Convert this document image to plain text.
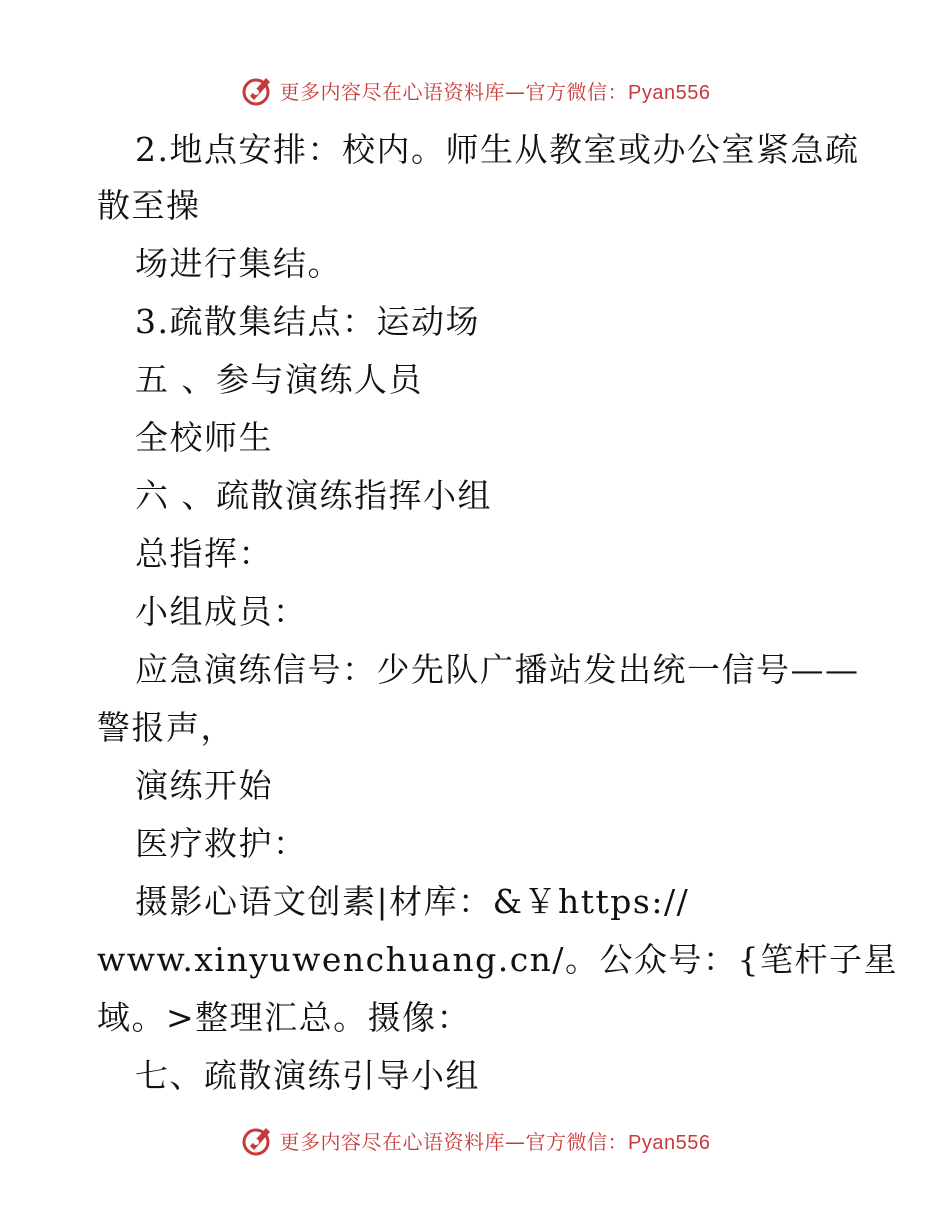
更多内容尽在心语资料库—官方微信：Pyan556
2.地点安排：校内。师生从教室或办公室紧急疏
散至操
场进行集结。
3.疏散集结点：运动场
五 、参与演练人员
全校师生
六 、疏散演练指挥小组
总指挥：
小组成员：
应急演练信号：少先队广播站发出统一信号——
警报声，
演练开始
医疗救护：
摄影心语文创素|材库：&￥https://
www.xinyuwenchuang.cn/。公众号：{笔杆子星
域。>整理汇总。摄像：
七、疏散演练引导小组
更多内容尽在心语资料库—官方微信：Pyan556
